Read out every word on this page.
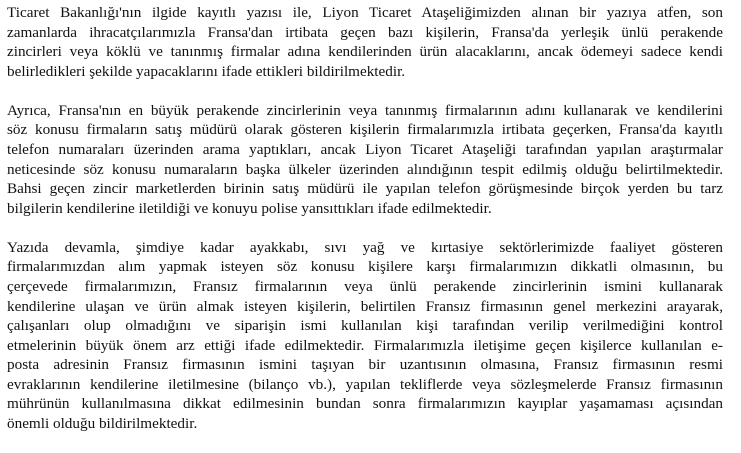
Ticaret Bakanlığı'nın ilgide kayıtlı yazısı ile, Liyon Ticaret Ataşeliğimizden alınan bir yazıya atfen, son
zamanlarda ihracatçılarımızla Fransa'dan irtibata geçen bazı kişilerin, Fransa'da yerleşik ünlü perakende
zincirleri veya köklü ve tanınmış firmalar adına kendilerinden ürün alacaklarını, ancak ödemeyi sadece kendi
belirledikleri şekilde yapacaklarını ifade ettikleri bildirilmektedir.

Ayrıca, Fransa'nın en büyük perakende zincirlerinin veya tanınmış firmalarının adını kullanarak ve kendilerini
söz konusu firmaların satış müdürü olarak gösteren kişilerin firmalarımızla irtibata geçerken, Fransa'da kayıtlı
telefon numaraları üzerinden arama yaptıkları, ancak Liyon Ticaret Ataşeliği tarafından yapılan araştırmalar
neticesinde söz konusu numaraların başka ülkeler üzerinden alındığının tespit edilmiş olduğu belirtilmektedir.
Bahsi geçen zincir marketlerden birinin satış müdürü ile yapılan telefon görüşmesinde birçok yerden bu tarz
bilgilerin kendilerine iletildiği ve konuyu polise yansıttıkları ifade edilmektedir.

Yazıda devamla, şimdiye kadar ayakkabı, sıvı yağ ve kırtasiye sektörlerimizde faaliyet gösteren
firmalarımızdan alım yapmak isteyen söz konusu kişilere karşı firmalarımızın dikkatli olmasının, bu
çerçevede firmalarımızın, Fransız firmalarının veya ünlü perakende zincirlerinin ismini kullanarak
kendilerine ulaşan ve ürün almak isteyen kişilerin, belirtilen Fransız firmasının genel merkezini arayarak,
çalışanları olup olmadığını ve siparişin ismi kullanılan kişi tarafından verilip verilmediğini kontrol
etmelerinin büyük önem arz ettiği ifade edilmektedir. Firmalarımızla iletişime geçen kişilerce kullanılan e-
posta adresinin Fransız firmasının ismini taşıyan bir uzantısının olmasına, Fransız firmasının resmi
evraklarının kendilerine iletilmesine (bilanço vb.), yapılan tekliflerde veya sözleşmelerde Fransız firmasının
mührünün kullanılmasına dikkat edilmesinin bundan sonra firmalarımızın kayıplar yaşamaması açısından
önemli olduğu bildirilmektedir.
